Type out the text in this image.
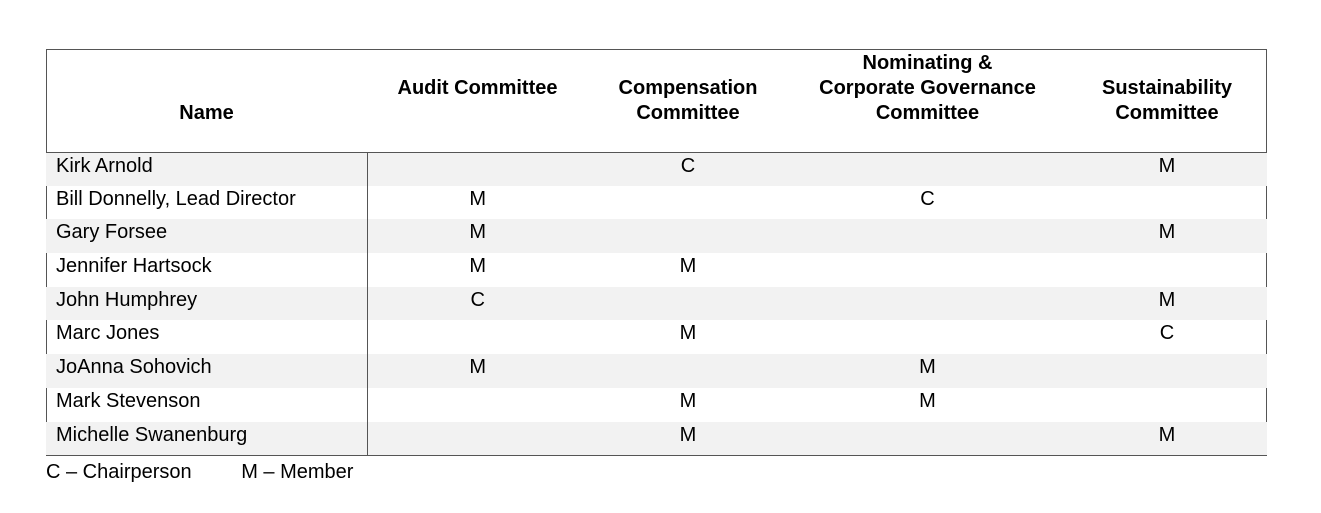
Name	Audit Committee	Compensation
Committee	Nominating &
Corporate Governance
Committee	Sustainability
Committee
Kirk Arnold		C		M
Bill Donnelly, Lead Director	M		C	
Gary Forsee	M			M
Jennifer Hartsock	M	M		
John Humphrey	C			M
Marc Jones		M		C
JoAnna Sohovich	M		M	
Mark Stevenson		M	M	
Michelle Swanenburg		M		M
C – Chairperson M – Member
